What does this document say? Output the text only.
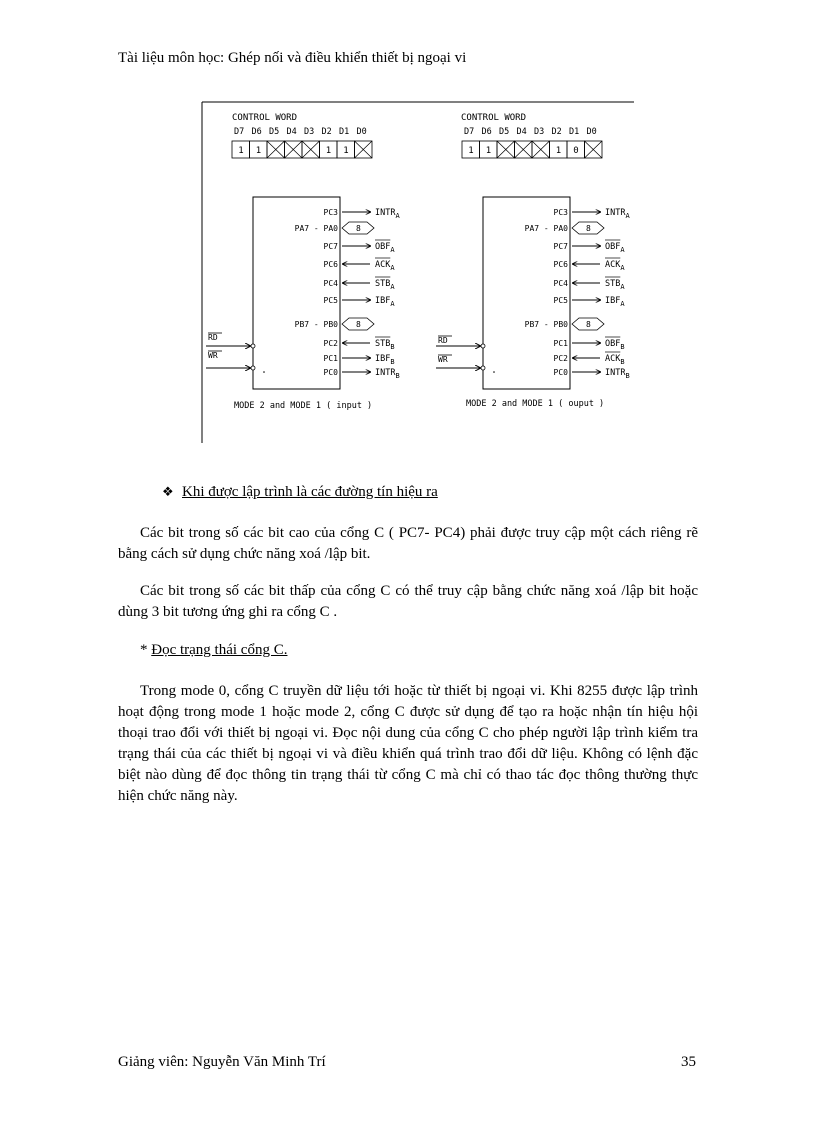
Tài liệu môn học: Ghép nối và điều khiển thiết bị ngoại vi
CONTROL WORD
D7 D6 D5 D4 D3 D2 D1 D0
1 1	1 1
PC3	$INTR_A$
PA7 - PA0 8
PC7	$OBF_A$
PC6	$ACK_A$
PC4	$STB_A$
PC5	$IBF_A$
PB7 - PB0 8
PC2	$STB_B$
PC1	$IBF_B$
PC0	$INTR_B$
RD
WR
MODE 2 and MODE 1 ( input )
CONTROL WORD
D7 D6 D5 D4 D3 D2 D1 D0
1 1	1 0
PC3	$INTR_A$
PA7 - PA0 8
PC7	$OBF_A$
PC6	$ACK_A$
PC4	$STB_A$
PC5	$IBF_A$
PB7 - PB0 8
PC1	$OBF_B$
PC2	$ACK_B$
PC0	$INTR_B$
RD
WR
MODE 2 and MODE 1 ( ouput )
❖ Khi được lập trình là các đường tín hiệu ra

Các bit trong số các bit cao của cổng C ( PC7- PC4) phải được truy cập một cách riêng rẽ bằng cách sử dụng chức năng xoá /lập bit.

Các bit trong số các bit thấp của cổng C có thể truy cập bằng chức năng xoá /lập bit hoặc dùng 3 bit tương ứng ghi ra cổng C .

* Đọc trạng thái cổng C.

Trong mode 0, cổng C truyền dữ liệu tới hoặc từ thiết bị ngoại vi. Khi 8255 được lập trình hoạt động trong mode 1 hoặc mode 2, cổng C được sử dụng để tạo ra hoặc nhận tín hiệu hội thoại trao đổi với thiết bị ngoại vi. Đọc nội dung của cổng C cho phép người lập trình kiểm tra trạng thái của các thiết bị ngoại vi và điều khiển quá trình trao đổi dữ liệu. Không có lệnh đặc biệt nào dùng để đọc thông tin trạng thái từ cổng C mà chỉ có thao tác đọc thông thường thực hiện chức năng này.

Giảng viên: Nguyễn Văn Minh Trí	35
